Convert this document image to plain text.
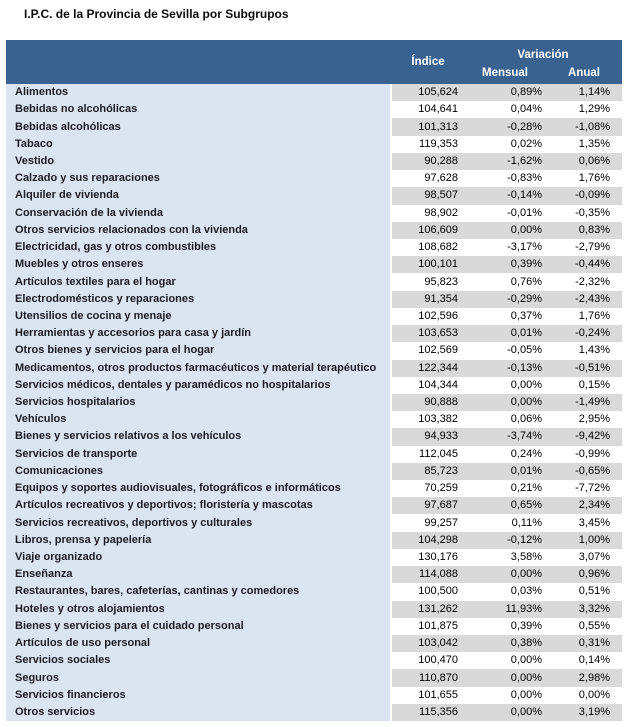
I.P.C. de la Provincia de Sevilla por Subgrupos
Índice
Variación
Mensual	Anual
Alimentos	105,624	0,89%	1,14%
Bebidas no alcohólicas	104,641	0,04%	1,29%
Bebidas alcohólicas	101,313	-0,28%	-1,08%
Tabaco	119,353	0,02%	1,35%
Vestido	90,288	-1,62%	0,06%
Calzado y sus reparaciones	97,628	-0,83%	1,76%
Alquiler de vivienda	98,507	-0,14%	-0,09%
Conservación de la vivienda	98,902	-0,01%	-0,35%
Otros servicios relacionados con la vivienda	106,609	0,00%	0,83%
Electricidad, gas y otros combustibles	108,682	-3,17%	-2,79%
Muebles y otros enseres	100,101	0,39%	-0,44%
Artículos textiles para el hogar	95,823	0,76%	-2,32%
Electrodomésticos y reparaciones	91,354	-0,29%	-2,43%
Utensilios de cocina y menaje	102,596	0,37%	1,76%
Herramientas y accesorios para casa y jardín	103,653	0,01%	-0,24%
Otros bienes y servicios para el hogar	102,569	-0,05%	1,43%
Medicamentos, otros productos farmacéuticos y material terapéutico	122,344	-0,13%	-0,51%
Servicios médicos, dentales y paramédicos no hospitalarios	104,344	0,00%	0,15%
Servicios hospitalarios	90,888	0,00%	-1,49%
Vehículos	103,382	0,06%	2,95%
Bienes y servicios relativos a los vehículos	94,933	-3,74%	-9,42%
Servicios de transporte	112,045	0,24%	-0,99%
Comunicaciones	85,723	0,01%	-0,65%
Equipos y soportes audiovisuales, fotográficos e informáticos	70,259	0,21%	-7,72%
Artículos recreativos y deportivos; floristería y mascotas	97,687	0,65%	2,34%
Servicios recreativos, deportivos y culturales	99,257	0,11%	3,45%
Libros, prensa y papelería	104,298	-0,12%	1,00%
Viaje organizado	130,176	3,58%	3,07%
Enseñanza	114,088	0,00%	0,96%
Restaurantes, bares, cafeterías, cantinas y comedores	100,500	0,03%	0,51%
Hoteles y otros alojamientos	131,262	11,93%	3,32%
Bienes y servicios para el cuidado personal	101,875	0,39%	0,55%
Artículos de uso personal	103,042	0,38%	0,31%
Servicios sociales	100,470	0,00%	0,14%
Seguros	110,870	0,00%	2,98%
Servicios financieros	101,655	0,00%	0,00%
Otros servicios	115,356	0,00%	3,19%
